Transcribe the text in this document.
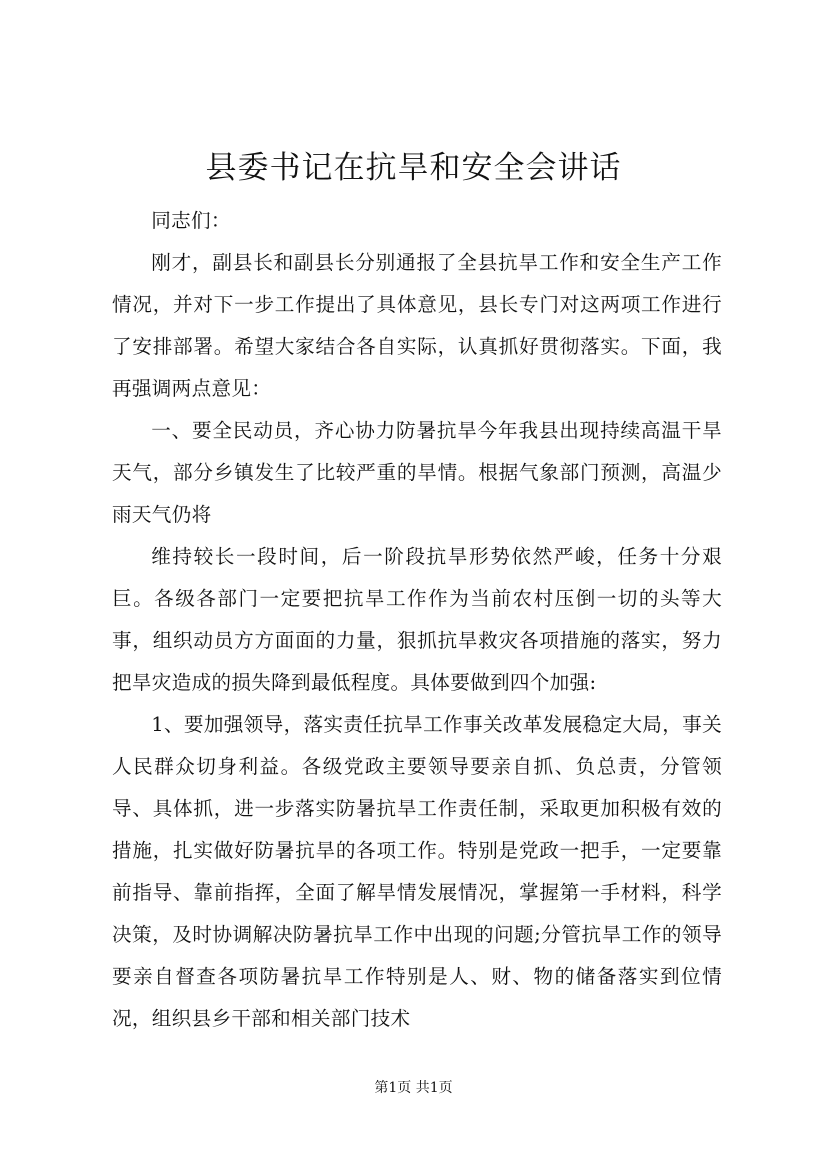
县委书记在抗旱和安全会讲话

同志们：

刚才，副县长和副县长分别通报了全县抗旱工作和安全生产工作情况，并对下一步工作提出了具体意见，县长专门对这两项工作进行了安排部署。希望大家结合各自实际，认真抓好贯彻落实。下面，我再强调两点意见：

一、要全民动员，齐心协力防暑抗旱今年我县出现持续高温干旱天气，部分乡镇发生了比较严重的旱情。根据气象部门预测，高温少雨天气仍将

维持较长一段时间，后一阶段抗旱形势依然严峻，任务十分艰巨。各级各部门一定要把抗旱工作作为当前农村压倒一切的头等大事，组织动员方方面面的力量，狠抓抗旱救灾各项措施的落实，努力把旱灾造成的损失降到最低程度。具体要做到四个加强:

1、要加强领导，落实责任抗旱工作事关改革发展稳定大局，事关人民群众切身利益。各级党政主要领导要亲自抓、负总责，分管领导、具体抓，进一步落实防暑抗旱工作责任制，采取更加积极有效的措施，扎实做好防暑抗旱的各项工作。特别是党政一把手，一定要靠前指导、靠前指挥，全面了解旱情发展情况，掌握第一手材料，科学决策，及时协调解决防暑抗旱工作中出现的问题;分管抗旱工作的领导要亲自督查各项防暑抗旱工作特别是人、财、物的储备落实到位情况，组织县乡干部和相关部门技术

第1页 共1页
